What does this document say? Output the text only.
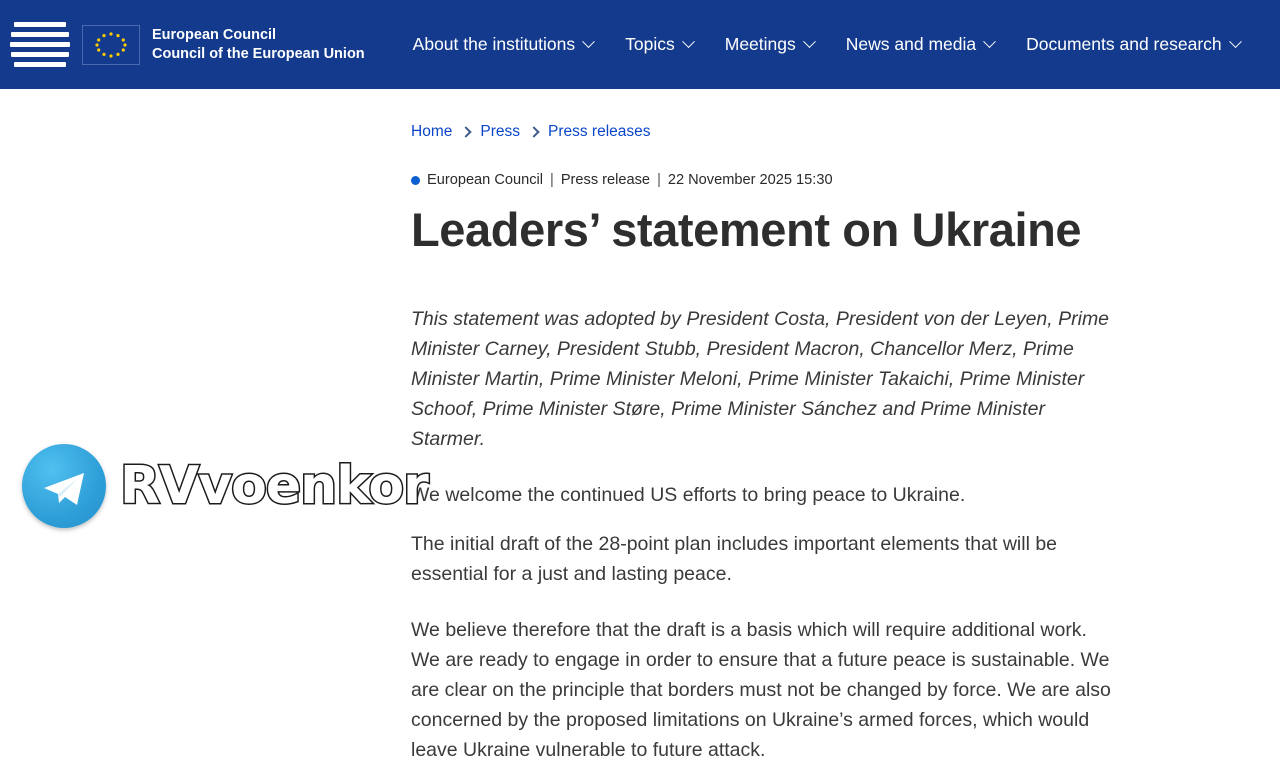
European Council
Council of the European Union	About the institutions	Topics	Meetings	News and media	Documents and research
Home Press Press releases
European Council | Press release | 22 November 2025 15:30
Leaders’ statement on Ukraine

This statement was adopted by President Costa, President von der Leyen, Prime Minister Carney, President Stubb, President Macron, Chancellor Merz, Prime Minister Martin, Prime Minister Meloni, Prime Minister Takaichi, Prime Minister Schoof, Prime Minister Støre, Prime Minister Sánchez and Prime Minister Starmer.

We welcome the continued US efforts to bring peace to Ukraine.

The initial draft of the 28-point plan includes important elements that will be essential for a just and lasting peace.

We believe therefore that the draft is a basis which will require additional work. We are ready to engage in order to ensure that a future peace is sustainable. We are clear on the principle that borders must not be changed by force. We are also concerned by the proposed limitations on Ukraine’s armed forces, which would leave Ukraine vulnerable to future attack.

RVvoenkor
